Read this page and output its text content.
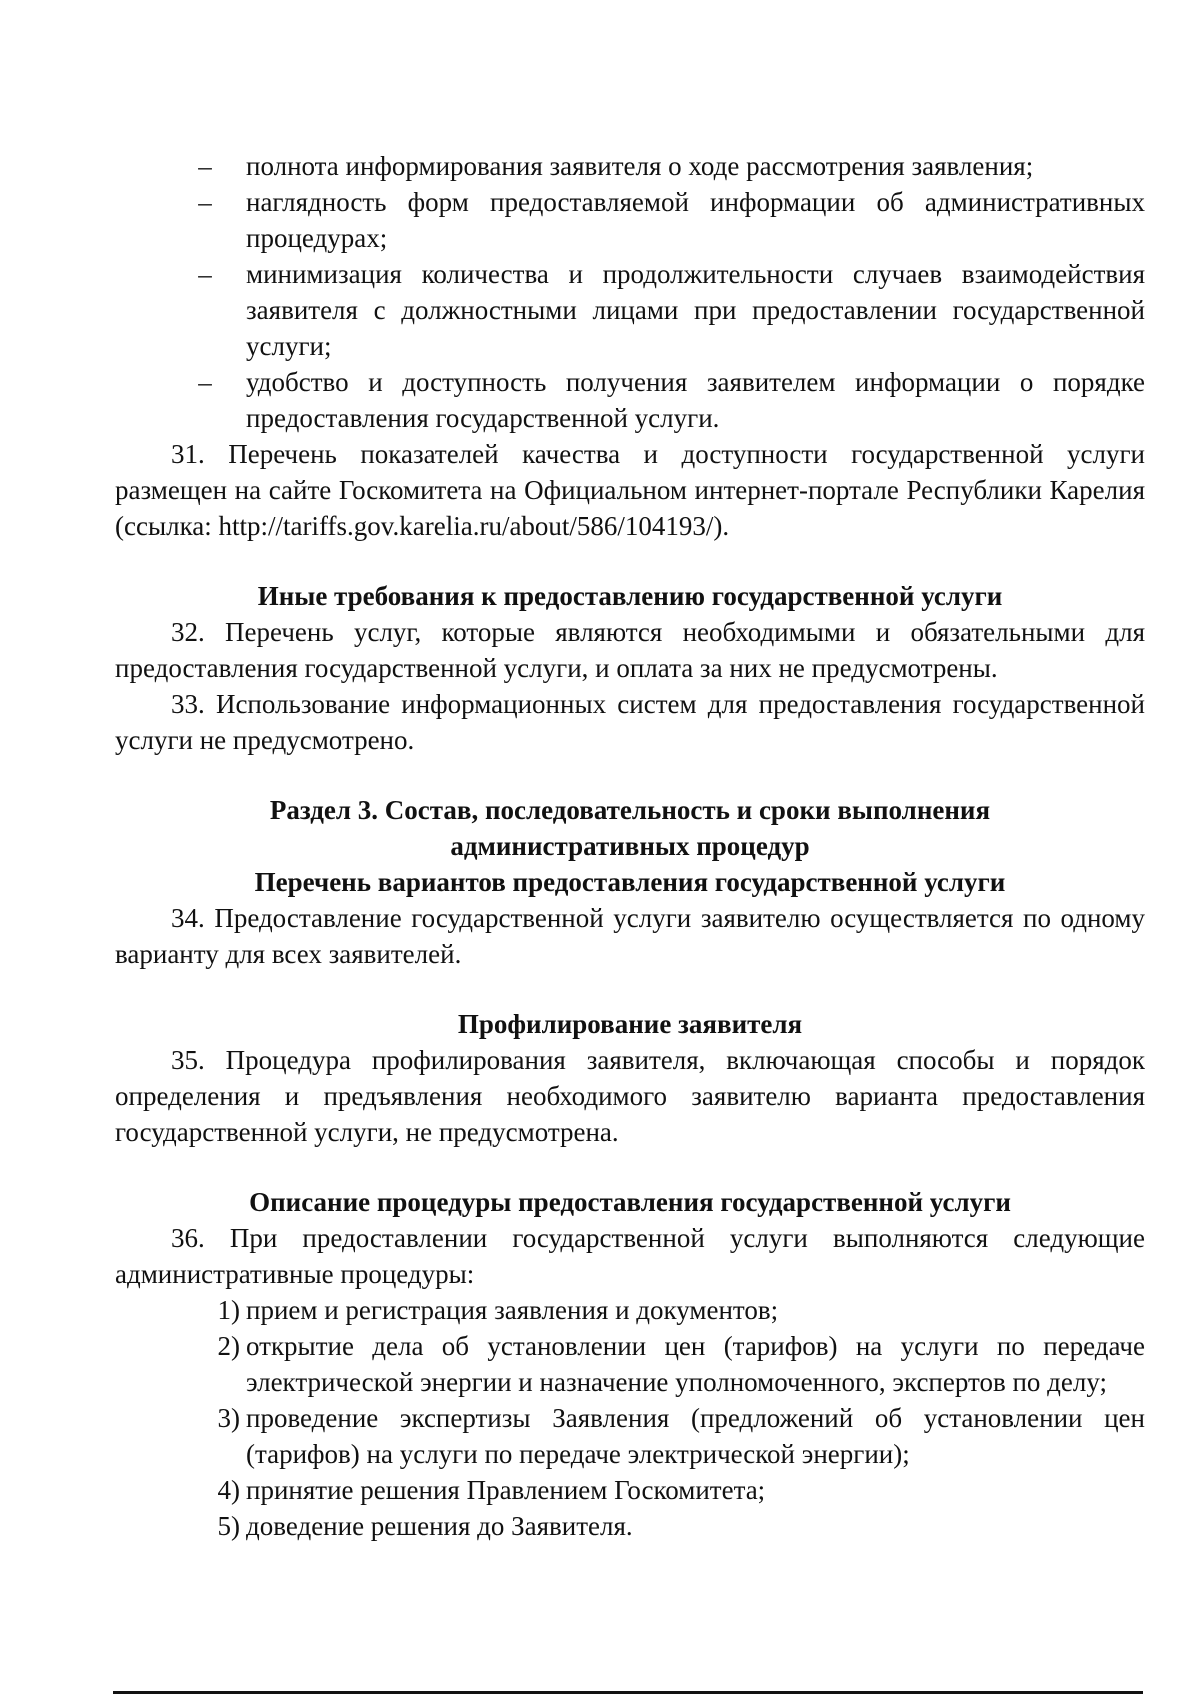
– полнота информирования заявителя о ходе рассмотрения заявления;
– наглядность форм предоставляемой информации об административных процедурах;
– минимизация количества и продолжительности случаев взаимодействия заявителя с должностными лицами при предоставлении государственной услуги;
– удобство и доступность получения заявителем информации о порядке предоставления государственной услуги.

31. Перечень показателей качества и доступности государственной услуги размещен на сайте Госкомитета на Официальном интернет-портале Республики Карелия (ссылка: http://tariffs.gov.karelia.ru/about/586/104193/).

Иные требования к предоставлению государственной услуги

32. Перечень услуг, которые являются необходимыми и обязательными для предоставления государственной услуги, и оплата за них не предусмотрены.

33. Использование информационных систем для предоставления государственной услуги не предусмотрено.

Раздел 3. Состав, последовательность и сроки выполнения

административных процедур

Перечень вариантов предоставления государственной услуги

34. Предоставление государственной услуги заявителю осуществляется по одному варианту для всех заявителей.

Профилирование заявителя

35. Процедура профилирования заявителя, включающая способы и порядок определения и предъявления необходимого заявителю варианта предоставления государственной услуги, не предусмотрена.

Описание процедуры предоставления государственной услуги

36. При предоставлении государственной услуги выполняются следующие административные процедуры:

1) прием и регистрация заявления и документов;
2) открытие дела об установлении цен (тарифов) на услуги по передаче электрической энергии и назначение уполномоченного, экспертов по делу;
3) проведение экспертизы Заявления (предложений об установлении цен (тарифов) на услуги по передаче электрической энергии);
4) принятие решения Правлением Госкомитета;
5) доведение решения до Заявителя.
